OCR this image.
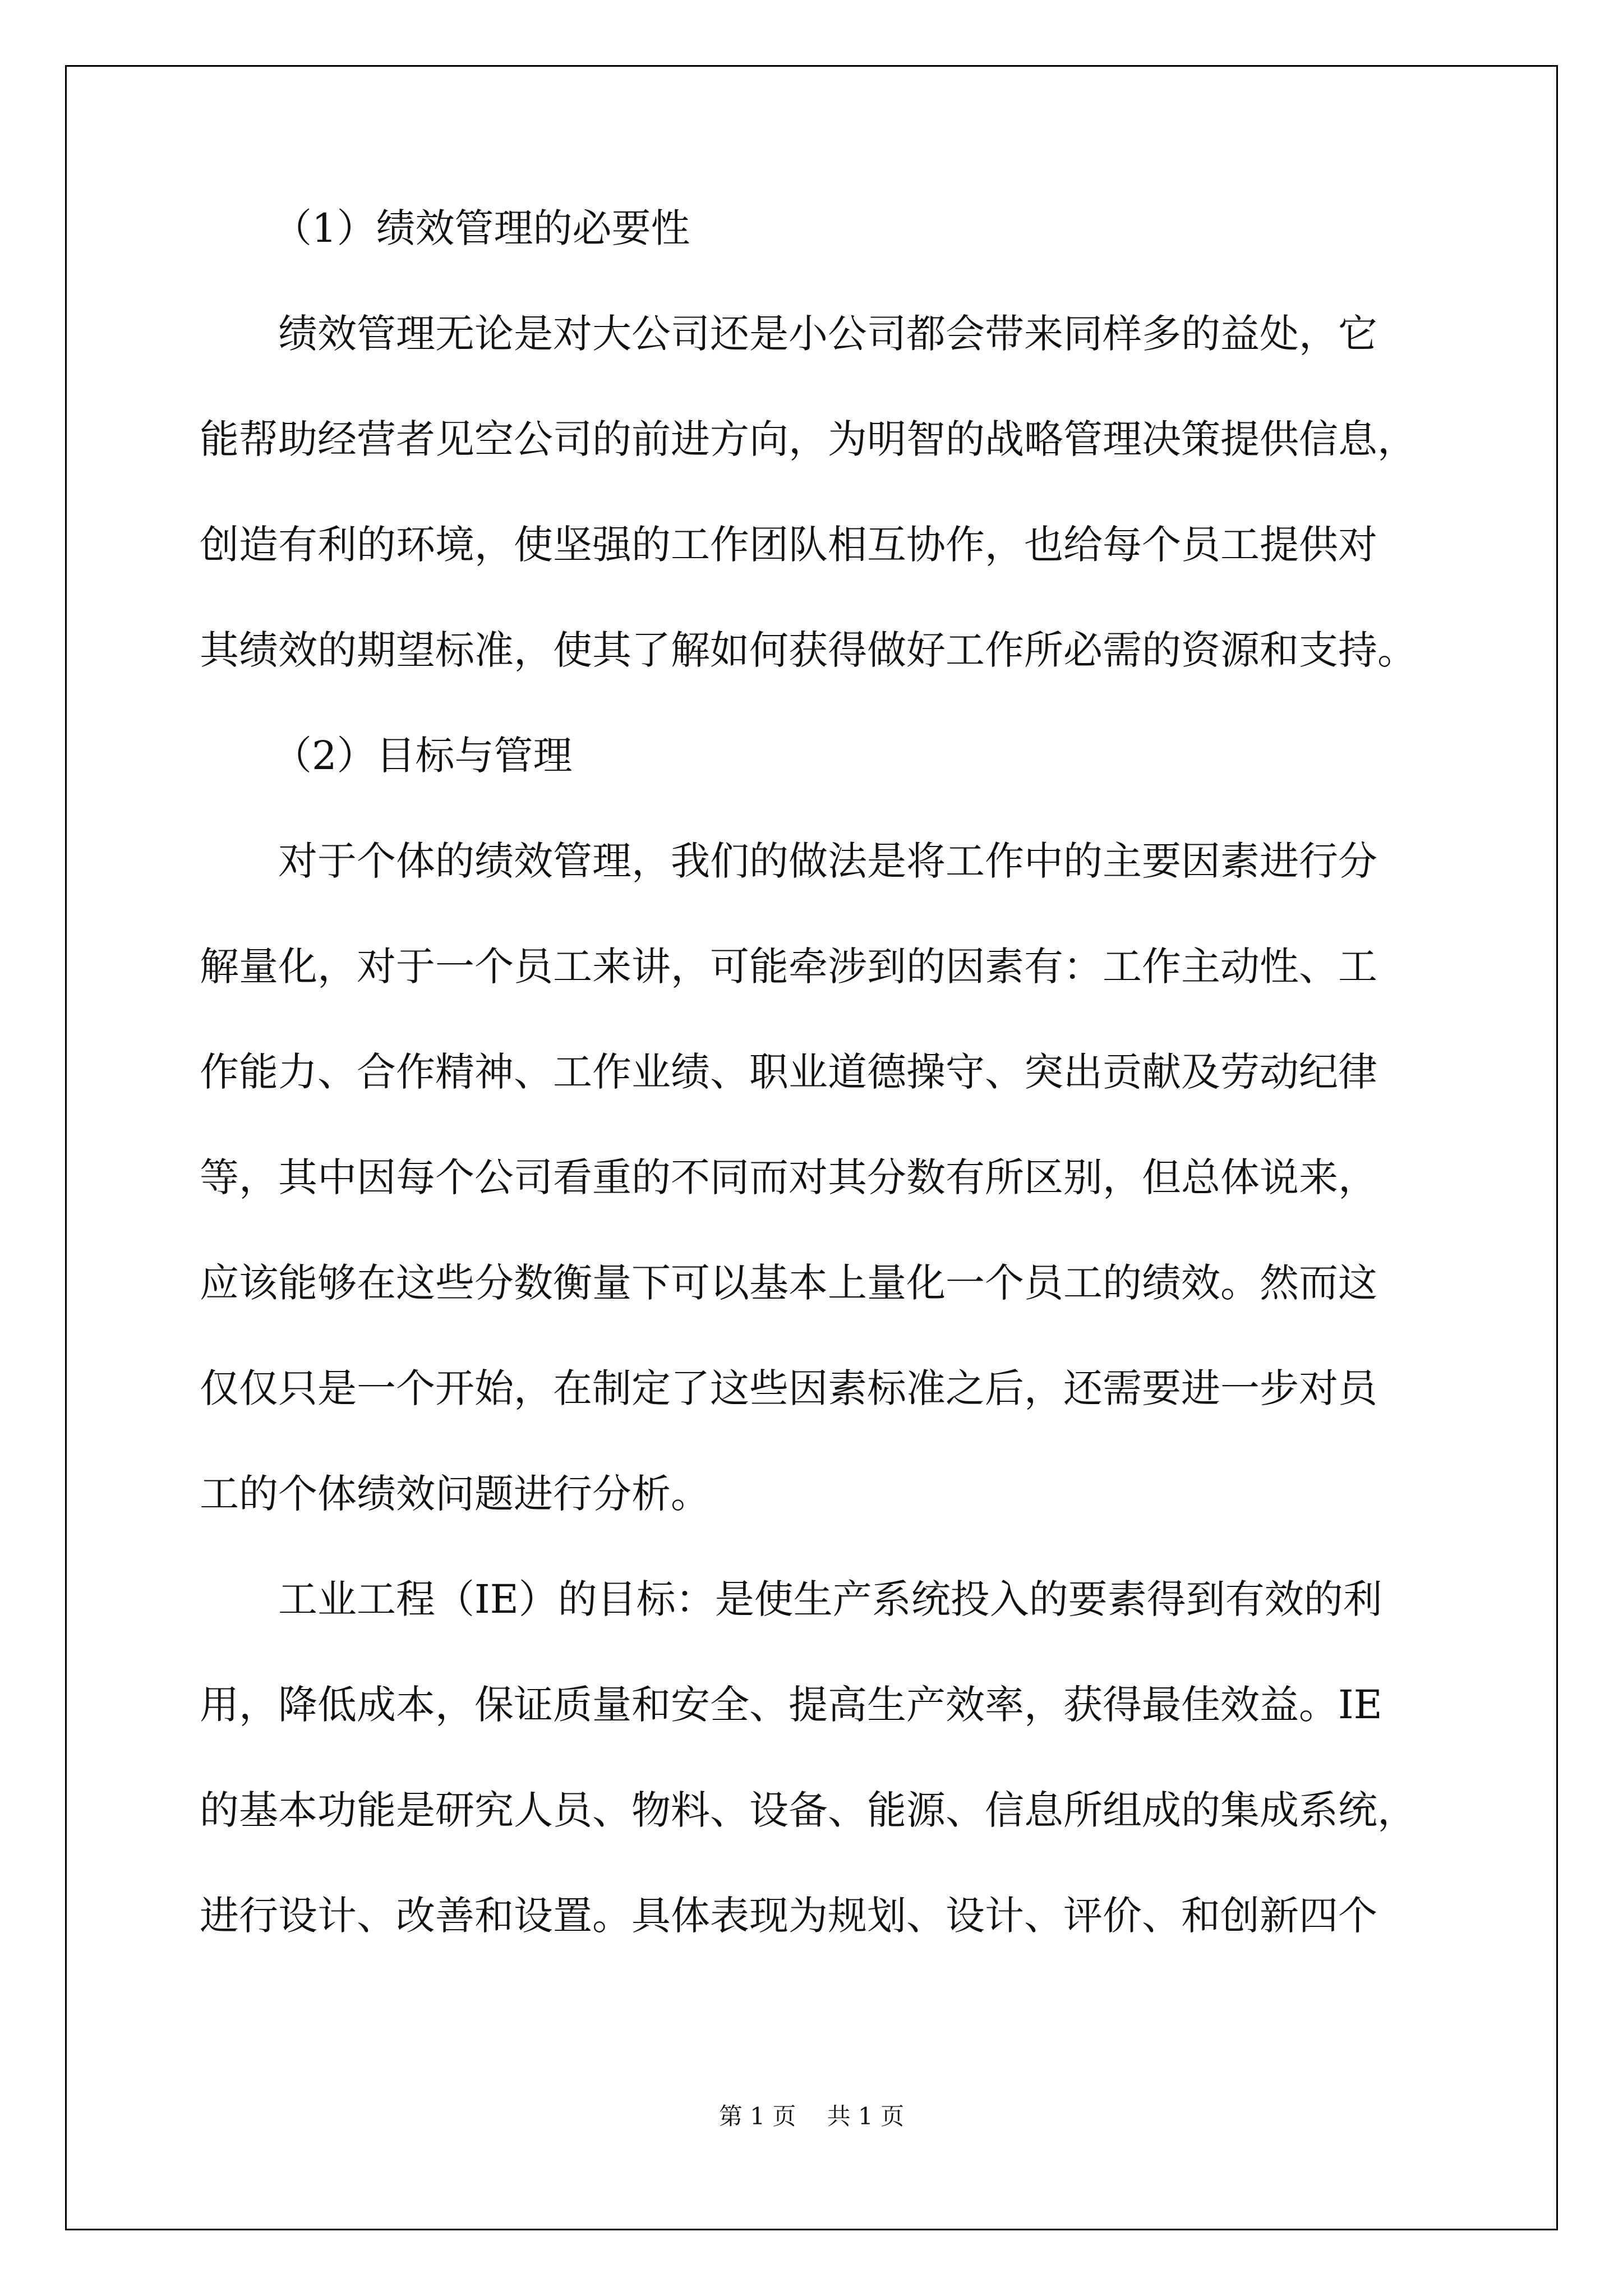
（1）绩效管理的必要性
绩效管理无论是对大公司还是小公司都会带来同样多的益处，它
能帮助经营者见空公司的前进方向，为明智的战略管理决策提供信息，
创造有利的环境，使坚强的工作团队相互协作，也给每个员工提供对
其绩效的期望标准，使其了解如何获得做好工作所必需的资源和支持。
（2）目标与管理
对于个体的绩效管理，我们的做法是将工作中的主要因素进行分
解量化，对于一个员工来讲，可能牵涉到的因素有：工作主动性、工
作能力、合作精神、工作业绩、职业道德操守、突出贡献及劳动纪律
等，其中因每个公司看重的不同而对其分数有所区别，但总体说来，
应该能够在这些分数衡量下可以基本上量化一个员工的绩效。然而这
仅仅只是一个开始，在制定了这些因素标准之后，还需要进一步对员
工的个体绩效问题进行分析。
工业工程（IE）的目标：是使生产系统投入的要素得到有效的利
用，降低成本，保证质量和安全、提高生产效率，获得最佳效益。IE
的基本功能是研究人员、物料、设备、能源、信息所组成的集成系统，
进行设计、改善和设置。具体表现为规划、设计、评价、和创新四个
第 1 页　 共 1 页
